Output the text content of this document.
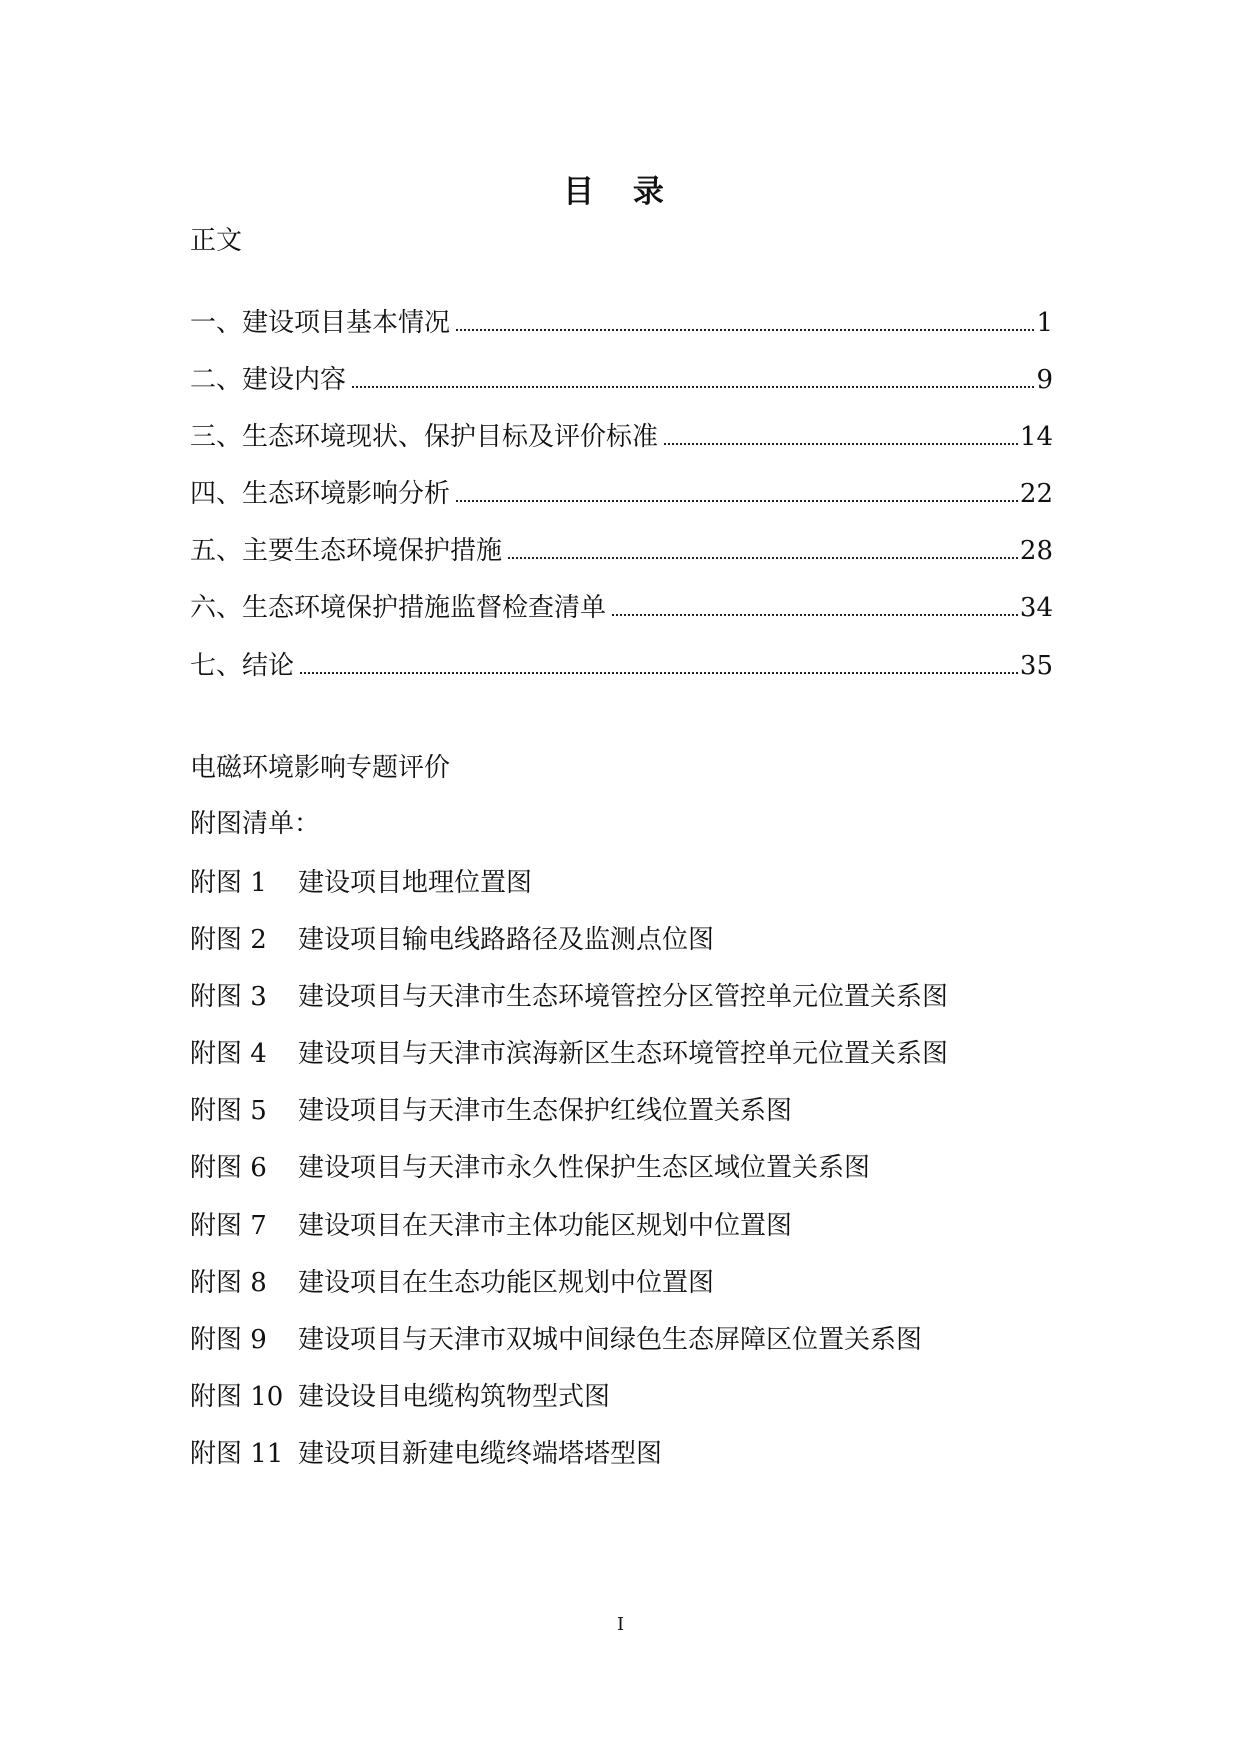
目 录
正文
一、建设项目基本情况	1
二、建设内容	9
三、生态环境现状、保护目标及评价标准	14
四、生态环境影响分析	22
五、主要生态环境保护措施	28
六、生态环境保护措施监督检查清单	34
七、结论	35
电磁环境影响专题评价
附图清单：
附图 1	建设项目地理位置图
附图 2	建设项目输电线路路径及监测点位图
附图 3	建设项目与天津市生态环境管控分区管控单元位置关系图
附图 4	建设项目与天津市滨海新区生态环境管控单元位置关系图
附图 5	建设项目与天津市生态保护红线位置关系图
附图 6	建设项目与天津市永久性保护生态区域位置关系图
附图 7	建设项目在天津市主体功能区规划中位置图
附图 8	建设项目在生态功能区规划中位置图
附图 9	建设项目与天津市双城中间绿色生态屏障区位置关系图
附图 10 建设设目电缆构筑物型式图
附图 11 建设项目新建电缆终端塔塔型图
I
